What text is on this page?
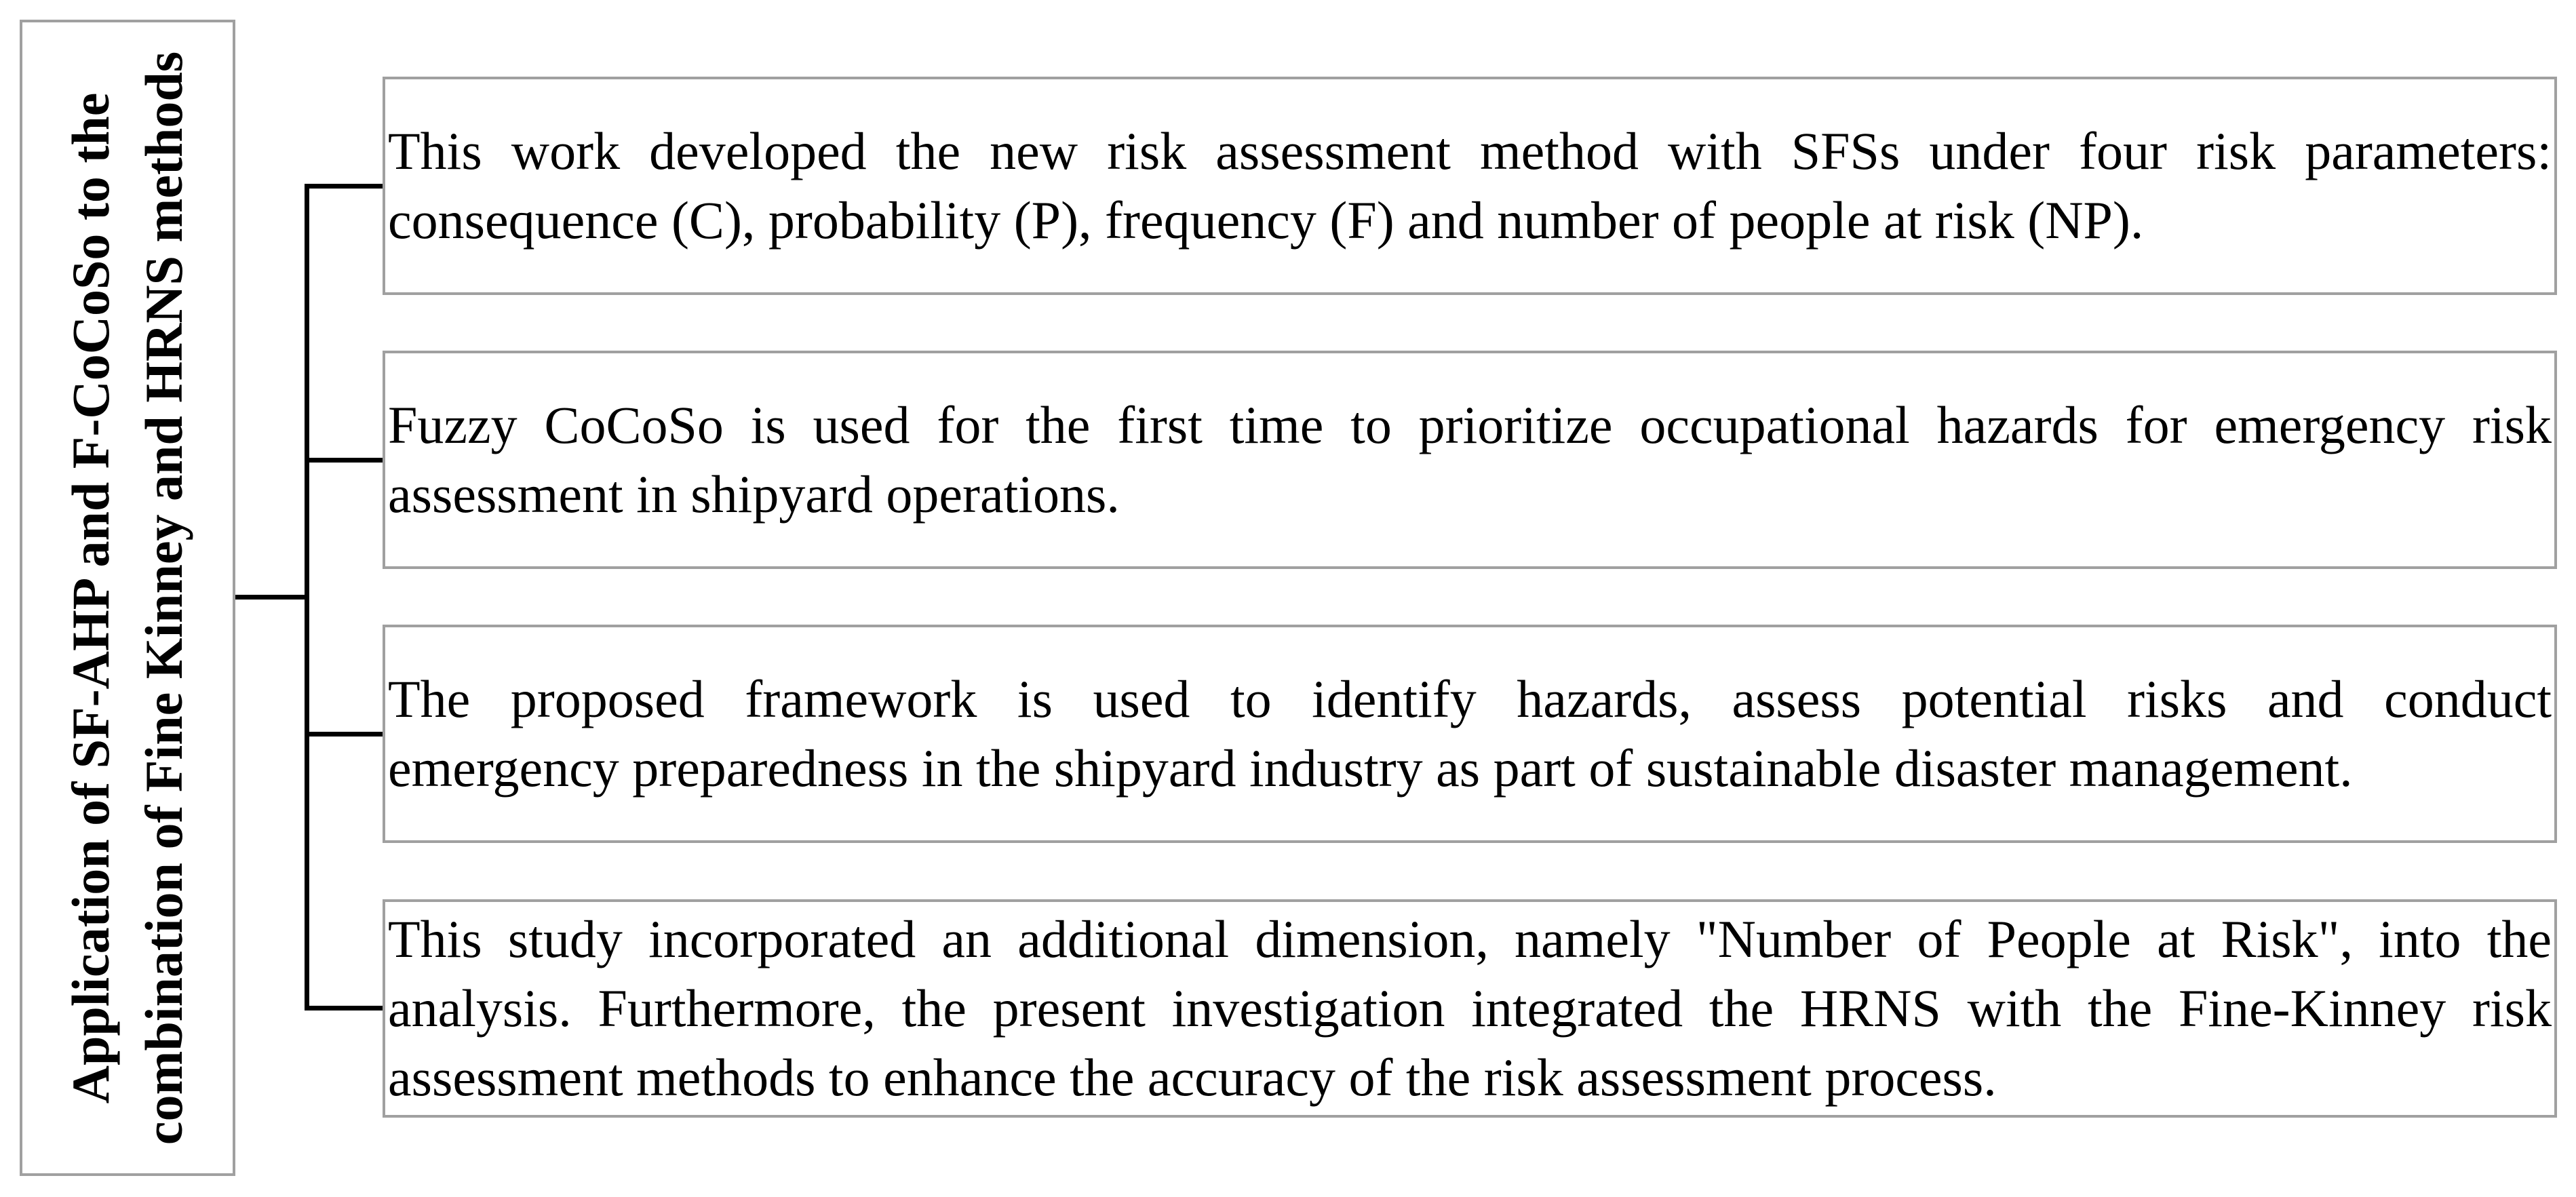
Application of SF-AHP and F-CoCoSo to the combination of Fine Kinney and HRNS methods	This work developed the new risk assessment method with SFSs under four risk parameters:
consequence (C), probability (P), frequency (F) and number of people at risk (NP).
Fuzzy CoCoSo is used for the first time to prioritize occupational hazards for emergency risk
assessment in shipyard operations.
The proposed framework is used to identify hazards, assess potential risks and conduct
emergency preparedness in the shipyard industry as part of sustainable disaster management.
This study incorporated an additional dimension, namely "Number of People at Risk", into the
analysis. Furthermore, the present investigation integrated the HRNS with the Fine-Kinney risk
assessment methods to enhance the accuracy of the risk assessment process.
